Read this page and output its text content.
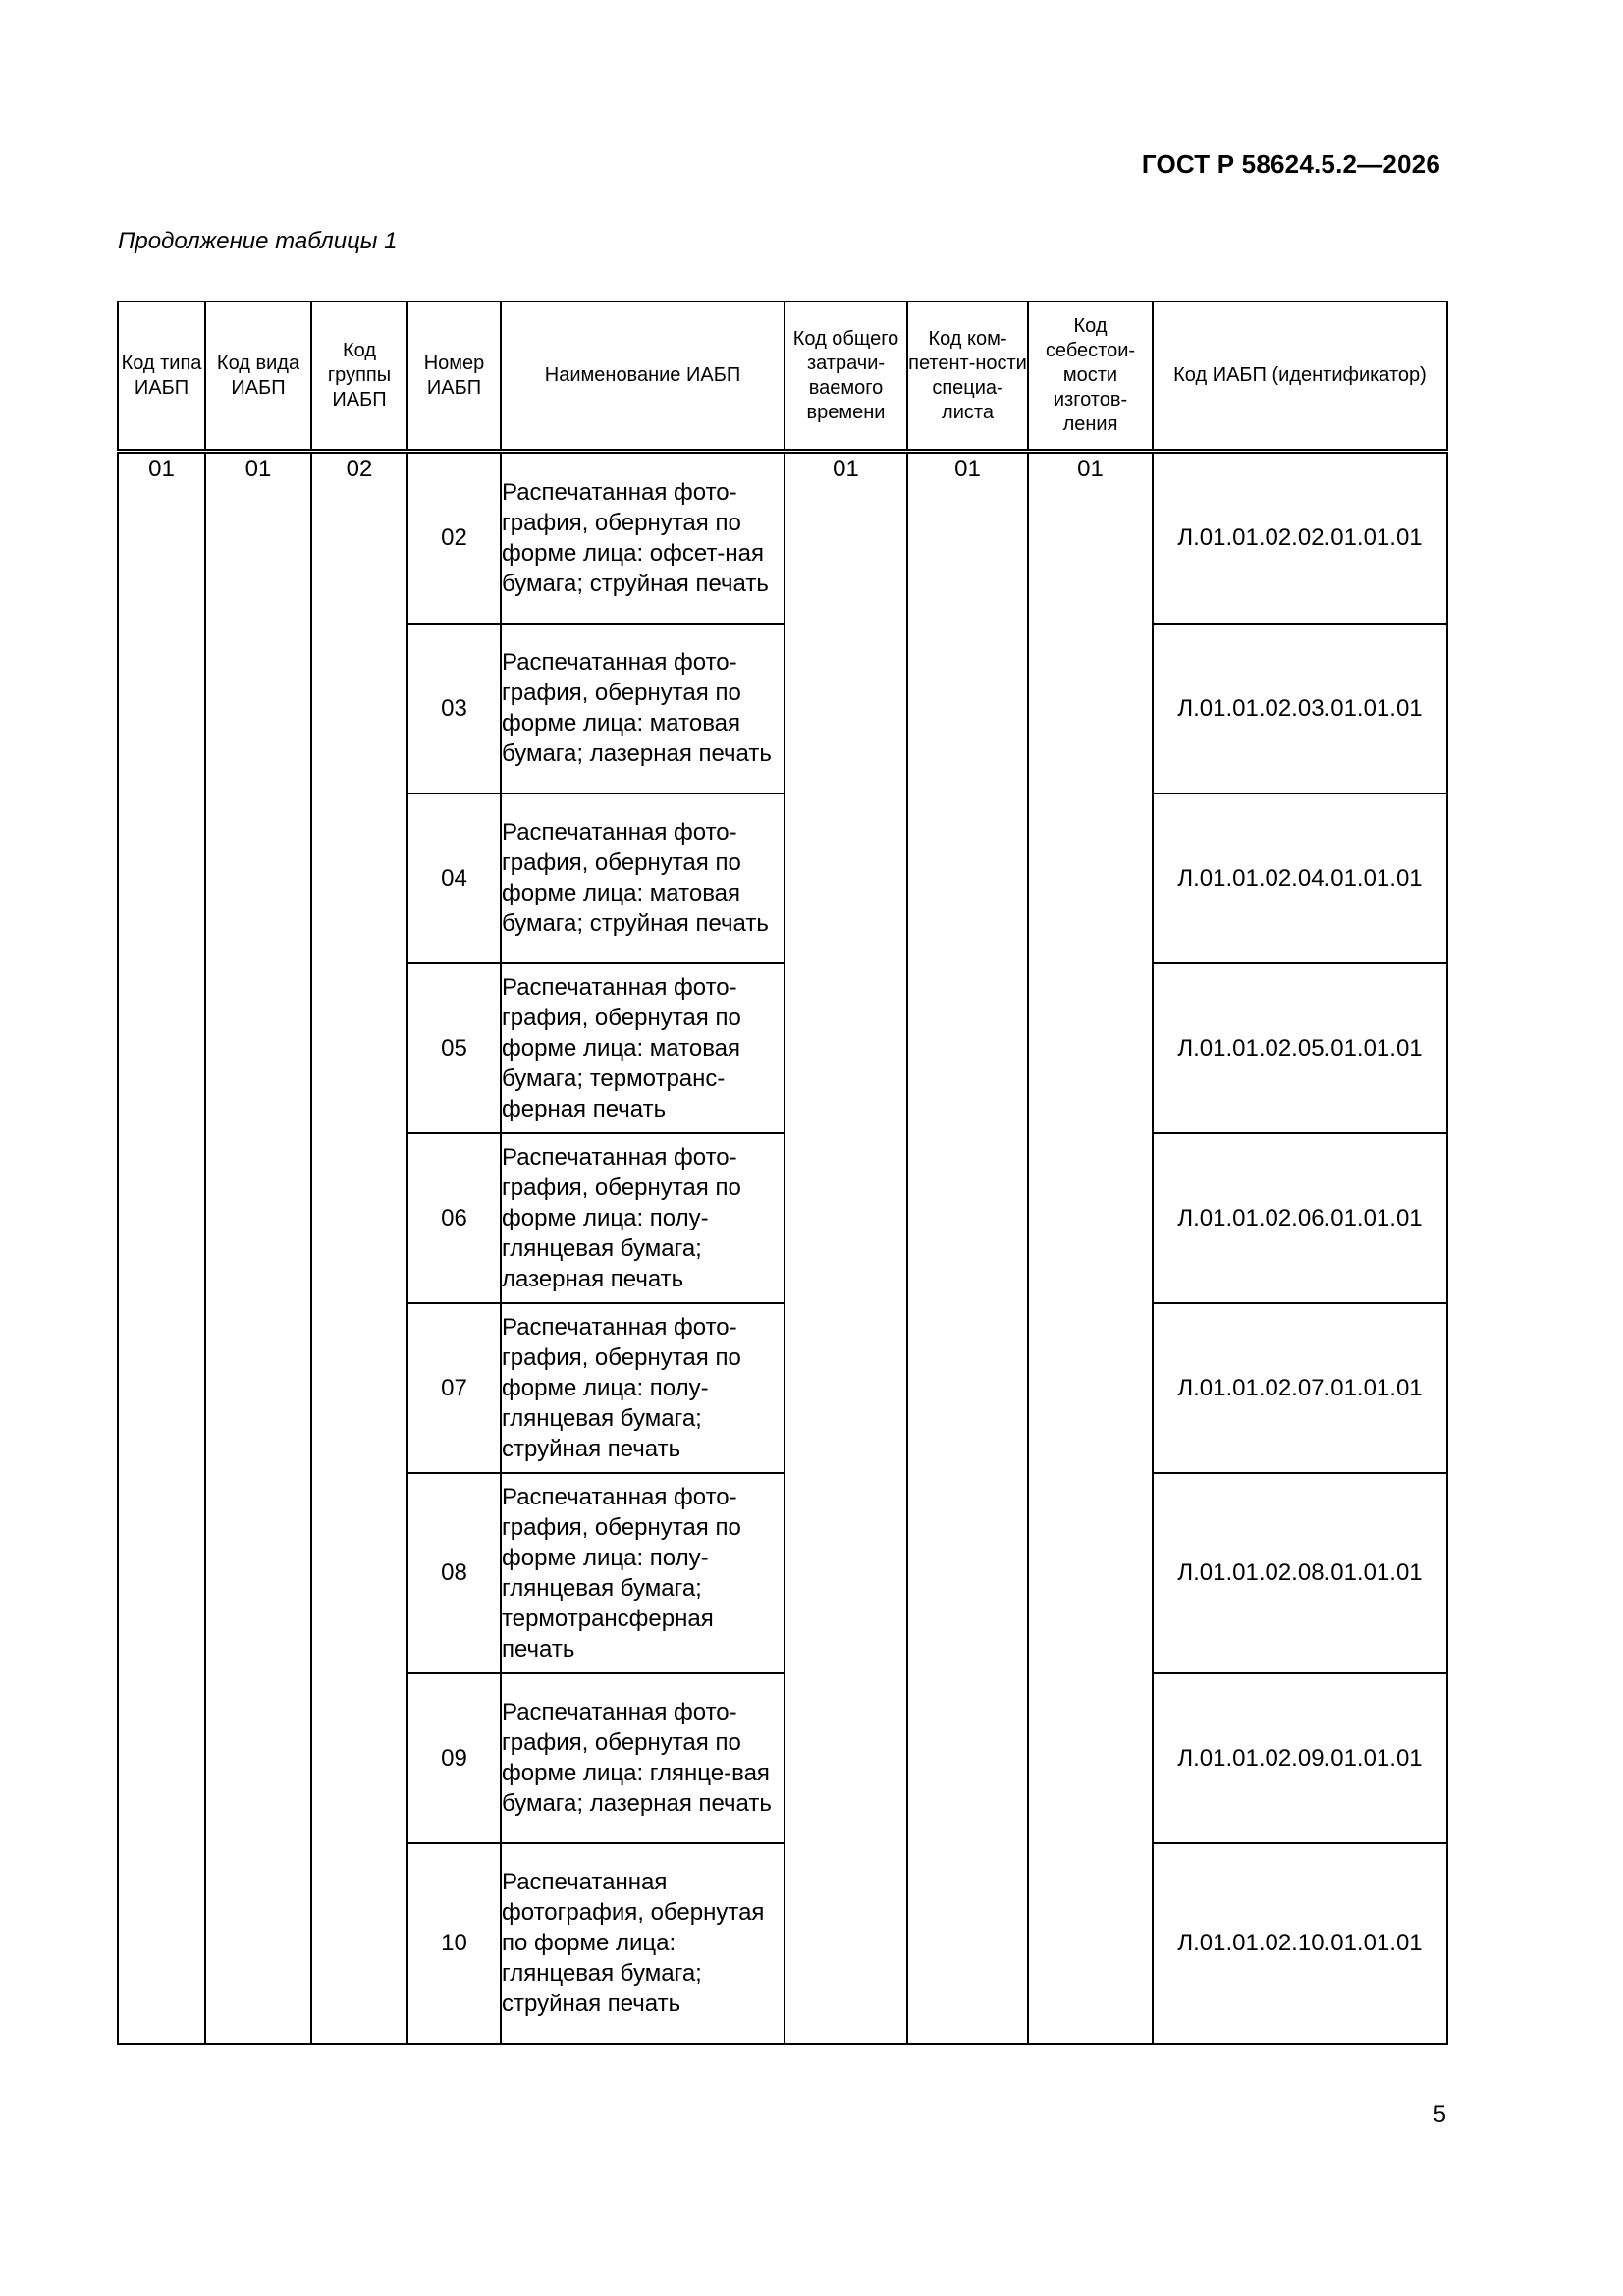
ГОСТ Р 58624.5.2—2026
Продолжение таблицы 1
Код типа ИАБП	Код вида ИАБП	Код группы ИАБП	Номер ИАБП	Наименование ИАБП	Код общего затрачи-ваемого времени	Код ком-петент-ности специа-листа	Код себестои-мости изготов-ления	Код ИАБП (идентификатор)
01	01	02	02	Распечатанная фото-графия, обернутая по форме лица: офсет-ная бумага; струйная печать	01	01	01	Л.01.01.02.02.01.01.01
			03	Распечатанная фото-графия, обернутая по форме лица: матовая бумага; лазерная печать				Л.01.01.02.03.01.01.01
			04	Распечатанная фото-графия, обернутая по форме лица: матовая бумага; струйная печать				Л.01.01.02.04.01.01.01
			05	Распечатанная фото-графия, обернутая по форме лица: матовая бумага; термотранс-ферная печать				Л.01.01.02.05.01.01.01
			06	Распечатанная фото-графия, обернутая по форме лица: полу-глянцевая бумага; лазерная печать				Л.01.01.02.06.01.01.01
			07	Распечатанная фото-графия, обернутая по форме лица: полу-глянцевая бумага; струйная печать				Л.01.01.02.07.01.01.01
			08	Распечатанная фото-графия, обернутая по форме лица: полу-глянцевая бумага; термотрансферная печать				Л.01.01.02.08.01.01.01
			09	Распечатанная фото-графия, обернутая по форме лица: глянце-вая бумага; лазерная печать				Л.01.01.02.09.01.01.01
			10	Распечатанная фотография, обернутая по форме лица: глянцевая бумага; струйная печать				Л.01.01.02.10.01.01.01
5
